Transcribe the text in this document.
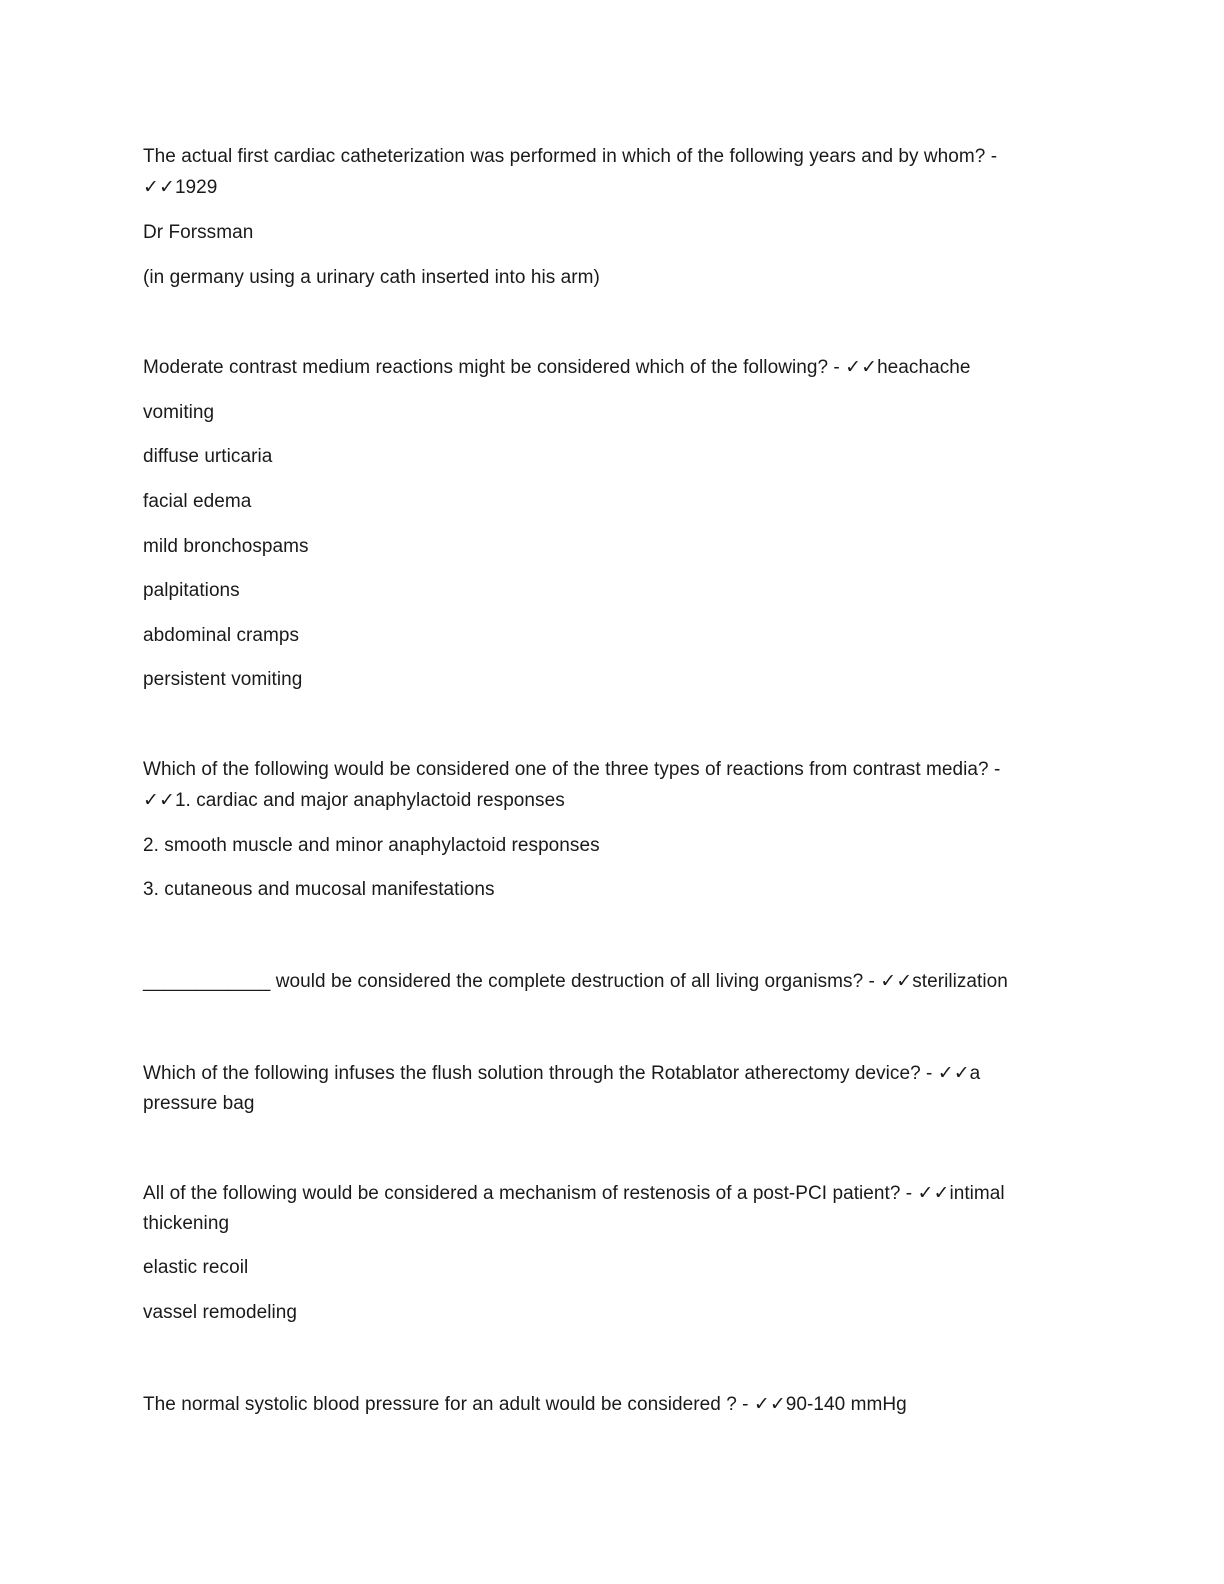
The actual first cardiac catheterization was performed in which of the following years and by whom? -
✓✓1929
Dr Forssman
(in germany using a urinary cath inserted into his arm)
Moderate contrast medium reactions might be considered which of the following? - ✓✓heachache
vomiting
diffuse urticaria
facial edema
mild bronchospams
palpitations
abdominal cramps
persistent vomiting
Which of the following would be considered one of the three types of reactions from contrast media? -
✓✓1. cardiac and major anaphylactoid responses
2. smooth muscle and minor anaphylactoid responses
3. cutaneous and mucosal manifestations
____________ would be considered the complete destruction of all living organisms? - ✓✓sterilization
Which of the following infuses the flush solution through the Rotablator atherectomy device? - ✓✓a
pressure bag
All of the following would be considered a mechanism of restenosis of a post-PCI patient? - ✓✓intimal
thickening
elastic recoil
vassel remodeling
The normal systolic blood pressure for an adult would be considered ? - ✓✓90-140 mmHg
